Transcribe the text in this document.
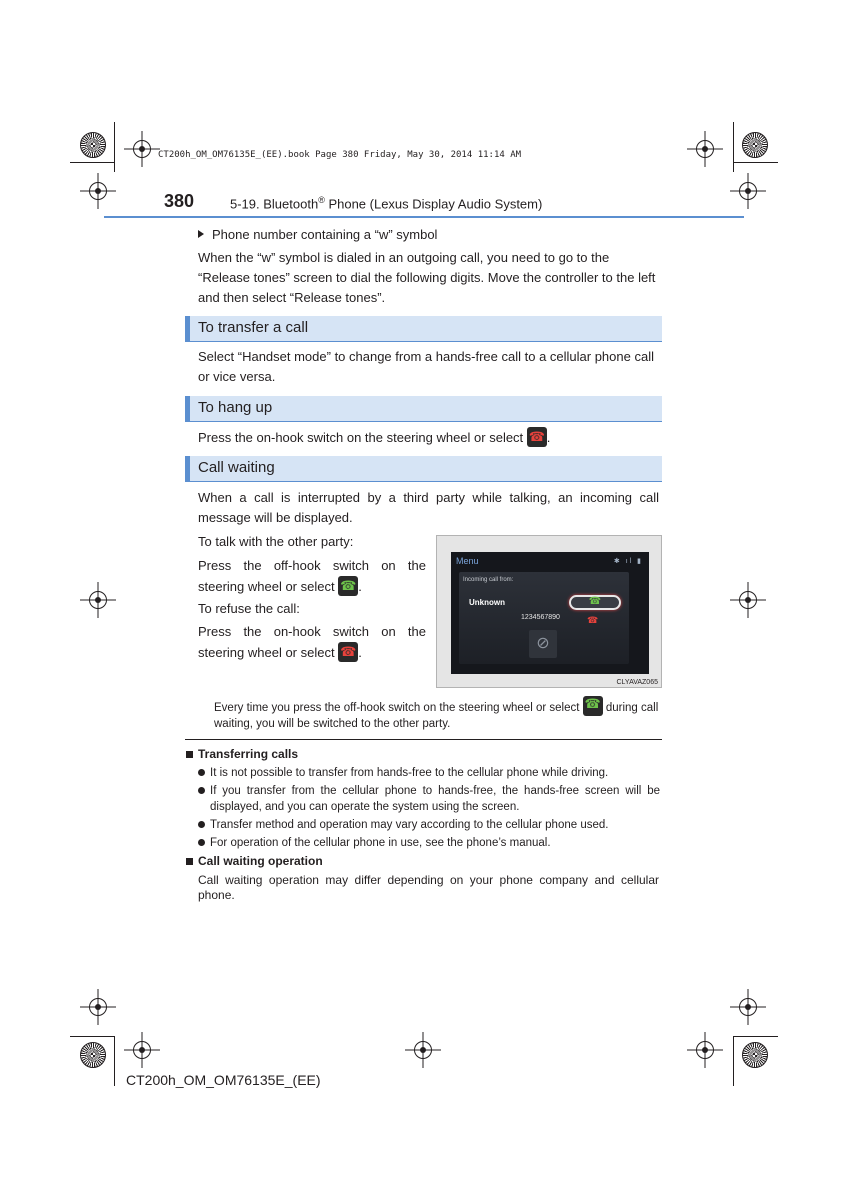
CT200h_OM_OM76135E_(EE).book Page 380 Friday, May 30, 2014 11:14 AM
380	5-19. Bluetooth® Phone (Lexus Display Audio System)
Phone number containing a “w” symbol
When the “w” symbol is dialed in an outgoing call, you need to go to the “Release tones” screen to dial the following digits. Move the controller to the left and then select “Release tones”.
To transfer a call
Select “Handset mode” to change from a hands-free call to a cellular phone call or vice versa.
To hang up
Press the on-hook switch on the steering wheel or select ☎ .
Call waiting
When a call is interrupted by a third party while talking, an incoming call message will be displayed.
To talk with the other party:
Press the off-hook switch on the steering wheel or select ☎ .
To refuse the call:
Press the on-hook switch on the steering wheel or select ☎ .
Menu	✱ ıl ▮
Incoming call from:
Unknown
1234567890
☎	☎
⊘
CLYAVAZ065
Every time you press the off-hook switch on the steering wheel or select ☎ during call waiting, you will be switched to the other party.
Transferring calls
It is not possible to transfer from hands-free to the cellular phone while driving.
If you transfer from the cellular phone to hands-free, the hands-free screen will be displayed, and you can operate the system using the screen.
Transfer method and operation may vary according to the cellular phone used.
For operation of the cellular phone in use, see the phone’s manual.
Call waiting operation
Call waiting operation may differ depending on your phone company and cellular phone.
CT200h_OM_OM76135E_(EE)
